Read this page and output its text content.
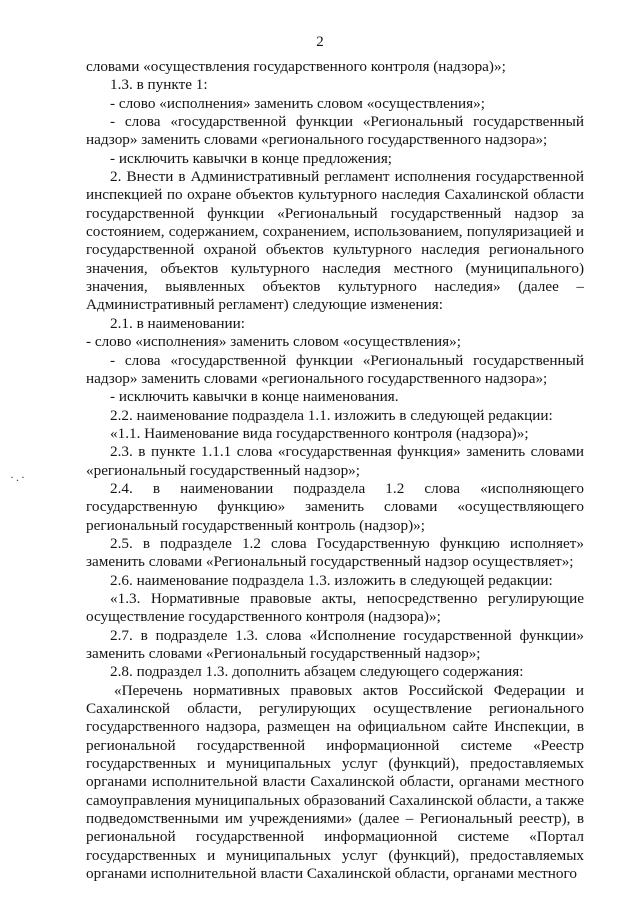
2
·.·

словами «осуществления государственного контроля (надзора)»;

1.3. в пункте 1:

- слово «исполнения» заменить словом «осуществления»;

- слова «государственной функции «Региональный государственный надзор» заменить словами «регионального государственного надзора»;

- исключить кавычки в конце предложения;

2. Внести в Административный регламент исполнения государственной инспекцией по охране объектов культурного наследия Сахалинской области государственной функции «Региональный государственный надзор за состоянием, содержанием, сохранением, использованием, популяризацией и государственной охраной объектов культурного наследия регионального значения, объектов культурного наследия местного (муниципального) значения, выявленных объектов культурного наследия» (далее – Административный регламент) следующие изменения:

2.1. в наименовании:

- слово «исполнения» заменить словом «осуществления»;

- слова «государственной функции «Региональный государственный надзор» заменить словами «регионального государственного надзора»;

- исключить кавычки в конце наименования.

2.2. наименование подраздела 1.1. изложить в следующей редакции:

«1.1. Наименование вида государственного контроля (надзора)»;

2.3. в пункте 1.1.1 слова «государственная функция» заменить словами «региональный государственный надзор»;

2.4. в наименовании подраздела 1.2 слова «исполняющего государственную функцию» заменить словами «осуществляющего региональный государственный контроль (надзор)»;

2.5. в подразделе 1.2 слова Государственную функцию исполняет» заменить словами «Региональный государственный надзор осуществляет»;

2.6. наименование подраздела 1.3. изложить в следующей редакции:

«1.3. Нормативные правовые акты, непосредственно регулирующие осуществление государственного контроля (надзора)»;

2.7. в подразделе 1.3. слова «Исполнение государственной функции» заменить словами «Региональный государственный надзор»;

2.8. подраздел 1.3. дополнить абзацем следующего содержания:

«Перечень нормативных правовых актов Российской Федерации и Сахалинской области, регулирующих осуществление регионального государственного надзора, размещен на официальном сайте Инспекции, в региональной государственной информационной системе «Реестр государственных и муниципальных услуг (функций), предоставляемых органами исполнительной власти Сахалинской области, органами местного самоуправления муниципальных образований Сахалинской области, а также подведомственными им учреждениями» (далее – Региональный реестр), в региональной государственной информационной системе «Портал государственных и муниципальных услуг (функций), предоставляемых органами исполнительной власти Сахалинской области, органами местного
